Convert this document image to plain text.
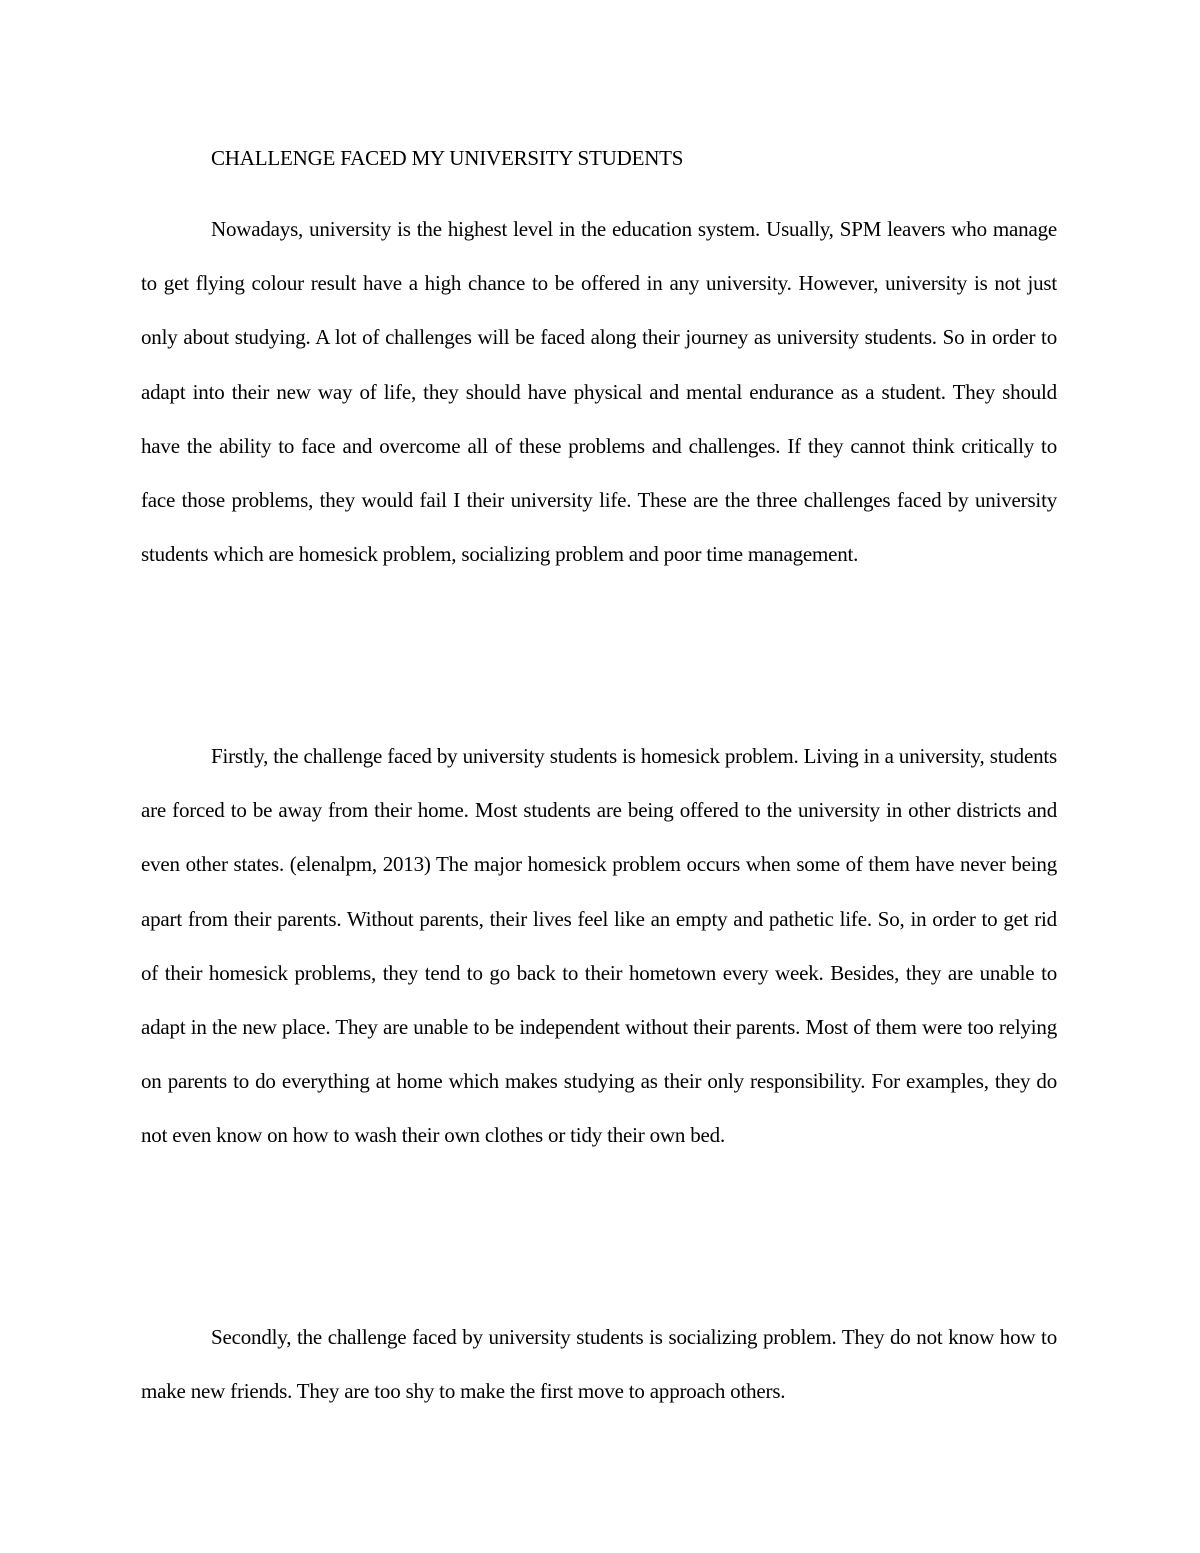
CHALLENGE FACED MY UNIVERSITY STUDENTS

Nowadays, university is the highest level in the education system. Usually, SPM leavers who manage to get flying colour result have a high chance to be offered in any university. However, university is not just only about studying. A lot of challenges will be faced along their journey as university students. So in order to adapt into their new way of life, they should have physical and mental endurance as a student. They should have the ability to face and overcome all of these problems and challenges. If they cannot think critically to face those problems, they would fail I their university life. These are the three challenges faced by university students which are homesick problem, socializing problem and poor time management.

Firstly, the challenge faced by university students is homesick problem. Living in a university, students are forced to be away from their home. Most students are being offered to the university in other districts and even other states. (elenalpm, 2013) The major homesick problem occurs when some of them have never being apart from their parents. Without parents, their lives feel like an empty and pathetic life. So, in order to get rid of their homesick problems, they tend to go back to their hometown every week. Besides, they are unable to adapt in the new place. They are unable to be independent without their parents. Most of them were too relying on parents to do everything at home which makes studying as their only responsibility. For examples, they do not even know on how to wash their own clothes or tidy their own bed.

Secondly, the challenge faced by university students is socializing problem. They do not know how to make new friends. They are too shy to make the first move to approach others.
